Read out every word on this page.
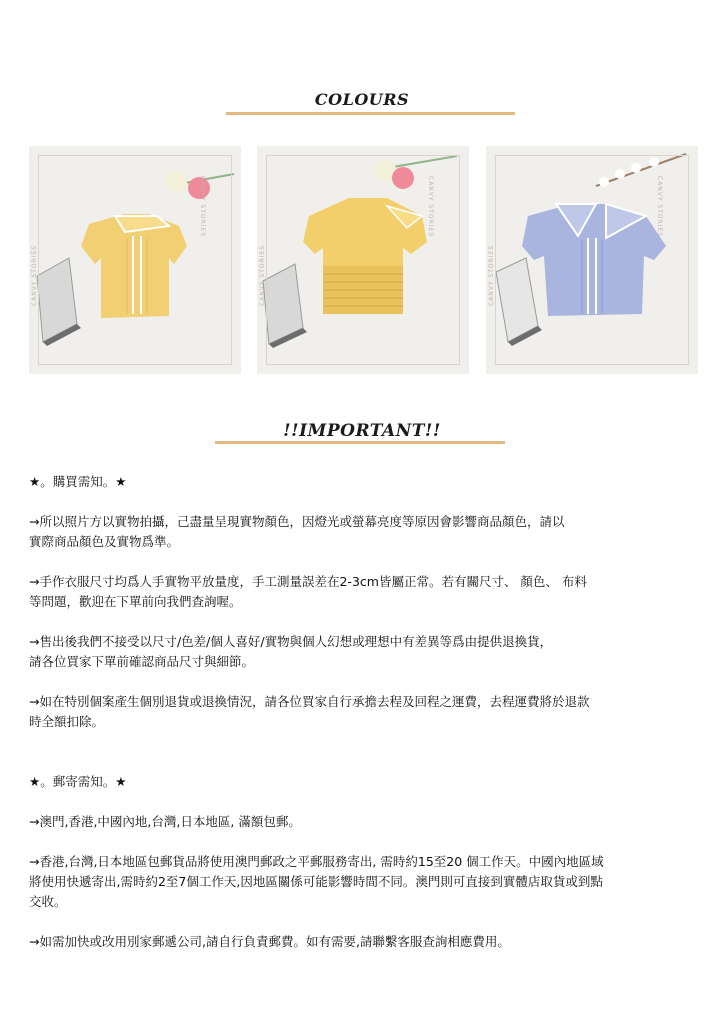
COLOURS
CANVY STORIES
CANVY STORIES
CANVY STORIES
CANVY STORIES
CANVY STORIES
CANVY STORIES
!!IMPORTANT!!

★。購買需知。★

→所以照片方以實物拍攝，己盡量呈現實物顏色，因燈光或螢幕亮度等原因會影響商品顏色，請以

實際商品顏色及實物爲準。

→手作衣服尺寸均爲人手實物平放量度，手工測量誤差在2-3cm皆屬正常。若有關尺寸、 顏色、 布料

等問題，歡迎在下單前向我們查詢喔。

→售出後我們不接受以尺寸/色差/個人喜好/實物與個人幻想或理想中有差異等爲由提供退換貨，

請各位買家下單前確認商品尺寸與細節。

→如在特別個案產生個別退貨或退換情況，請各位買家自行承擔去程及回程之運費，去程運費將於退款

時全額扣除。

★。郵寄需知。★

→澳門,香港,中國內地,台灣,日本地區, 滿額包郵。

→香港,台灣,日本地區包郵貨品將使用澳門郵政之平郵服務寄出, 需時約15至20 個工作天。中國內地區域

將使用快遞寄出,需時約2至7個工作天,因地區關係可能影響時間不同。澳門則可直接到實體店取貨或到點

交收。

→如需加快或改用別家郵遞公司,請自行負責郵費。如有需要,請聯繫客服查詢相應費用。
